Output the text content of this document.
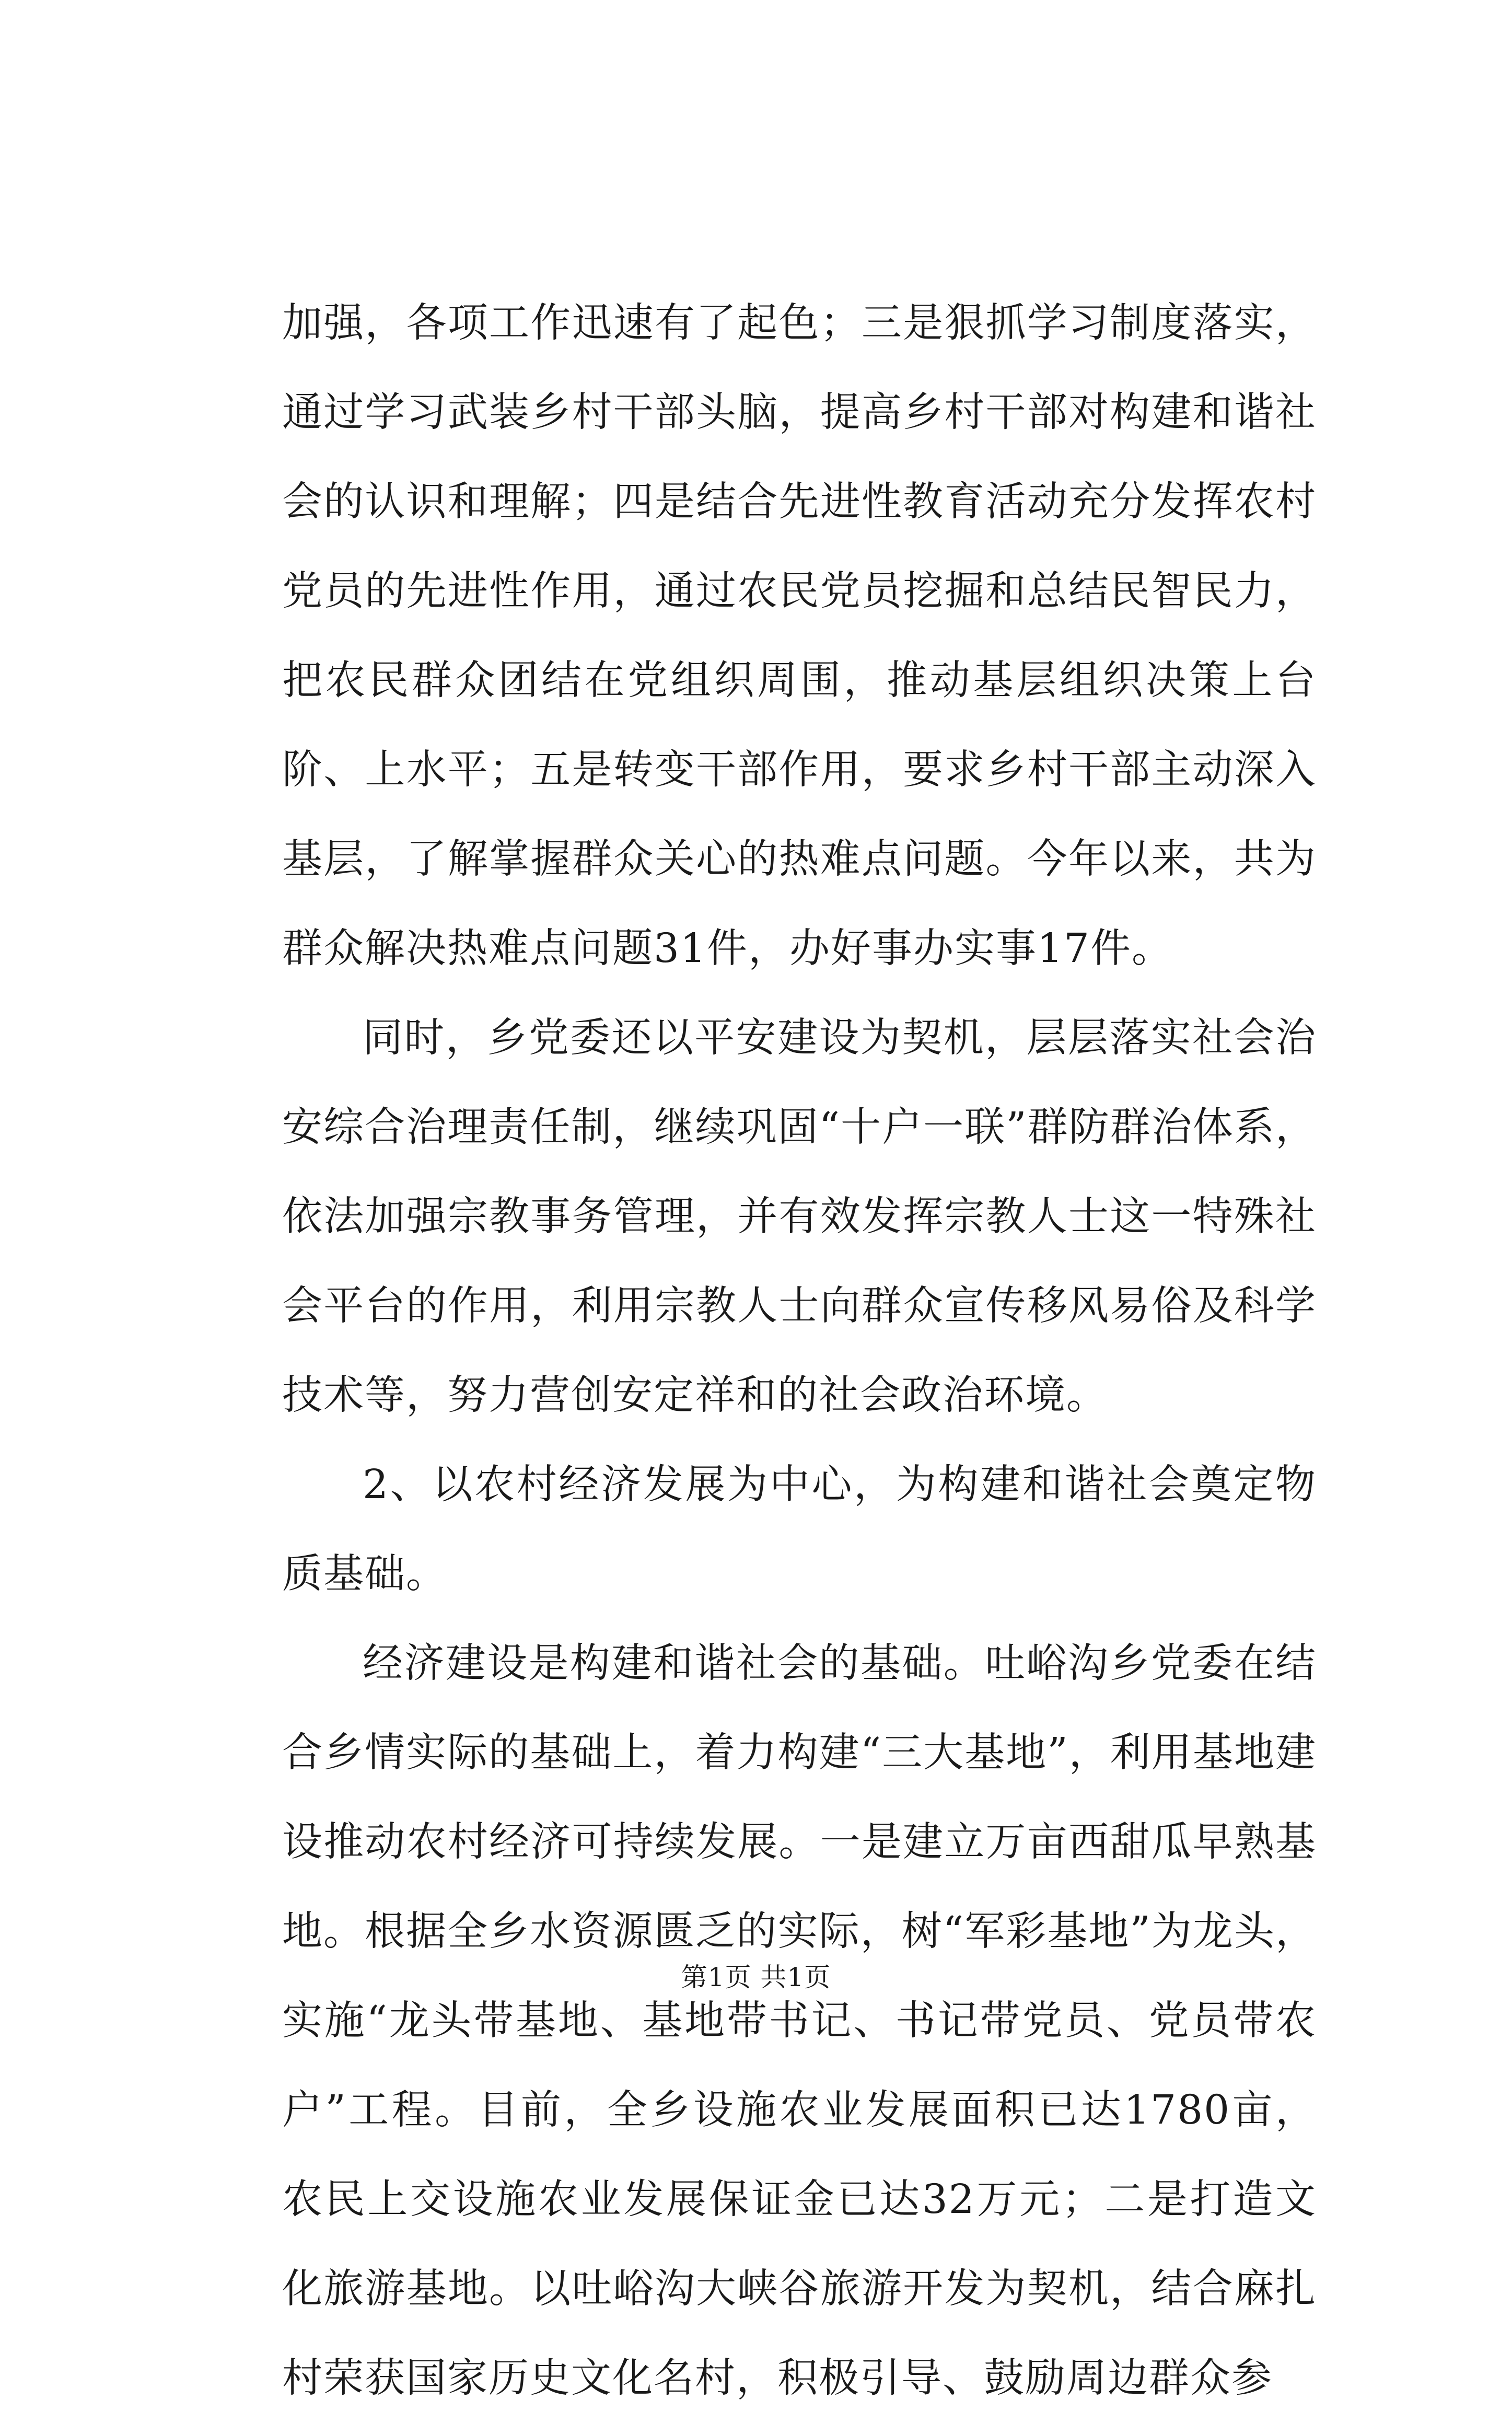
加强，各项工作迅速有了起色；三是狠抓学习制度落实，通过学习武装乡村干部头脑，提高乡村干部对构建和谐社会的认识和理解；四是结合先进性教育活动充分发挥农村党员的先进性作用，通过农民党员挖掘和总结民智民力，把农民群众团结在党组织周围，推动基层组织决策上台阶、上水平；五是转变干部作用，要求乡村干部主动深入基层，了解掌握群众关心的热难点问题。今年以来，共为群众解决热难点问题31件，办好事办实事17件。

同时，乡党委还以平安建设为契机，层层落实社会治安综合治理责任制，继续巩固“十户一联”群防群治体系，依法加强宗教事务管理，并有效发挥宗教人士这一特殊社会平台的作用，利用宗教人士向群众宣传移风易俗及科学技术等，努力营创安定祥和的社会政治环境。

2、以农村经济发展为中心，为构建和谐社会奠定物质基础。

经济建设是构建和谐社会的基础。吐峪沟乡党委在结合乡情实际的基础上，着力构建“三大基地”，利用基地建设推动农村经济可持续发展。一是建立万亩西甜瓜早熟基地。根据全乡水资源匮乏的实际，树“军彩基地”为龙头，实施“龙头带基地、基地带书记、书记带党员、党员带农户”工程。目前，全乡设施农业发展面积已达1780亩，农民上交设施农业发展保证金已达32万元；二是打造文化旅游基地。以吐峪沟大峡谷旅游开发为契机，结合麻扎村荣获国家历史文化名村，积极引导、鼓励周边群众参

第1页 共1页
